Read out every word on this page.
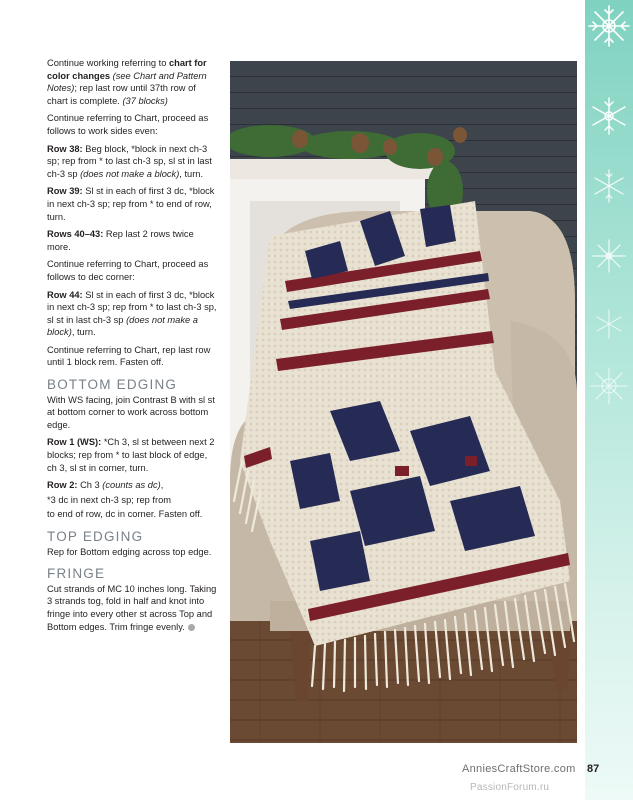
Continue working referring to chart for color changes (see Chart and Pattern Notes); rep last row until 37th row of chart is complete. (37 blocks)

Continue referring to Chart, proceed as follows to work sides even:

Row 38: Beg block, *block in next ch-3 sp; rep from * to last ch-3 sp, sl st in last ch-3 sp (does not make a block), turn.

Row 39: Sl st in each of first 3 dc, *block in next ch-3 sp; rep from * to end of row, turn.

Rows 40–43: Rep last 2 rows twice more.

Continue referring to Chart, proceed as follows to dec corner:

Row 44: Sl st in each of first 3 dc, *block in next ch-3 sp; rep from * to last ch-3 sp, sl st in last ch-3 sp (does not make a block), turn.

Continue referring to Chart, rep last row until 1 block rem. Fasten off.

BOTTOM EDGING

With WS facing, join Contrast B with sl st at bottom corner to work across bottom edge.

Row 1 (WS): *Ch 3, sl st between next 2 blocks; rep from * to last block of edge, ch 3, sl st in corner, turn.

Row 2: Ch 3 (counts as dc),

*3 dc in next ch-3 sp; rep from

to end of row, dc in corner. Fasten off.

TOP EDGING

Rep for Bottom edging across top edge.

FRINGE

Cut strands of MC 10 inches long. Taking 3 strands tog, fold in half and knot into fringe into every other st across Top and Bottom edges. Trim fringe evenly.

AnniesCraftStore.com 87
PassionForum.ru
